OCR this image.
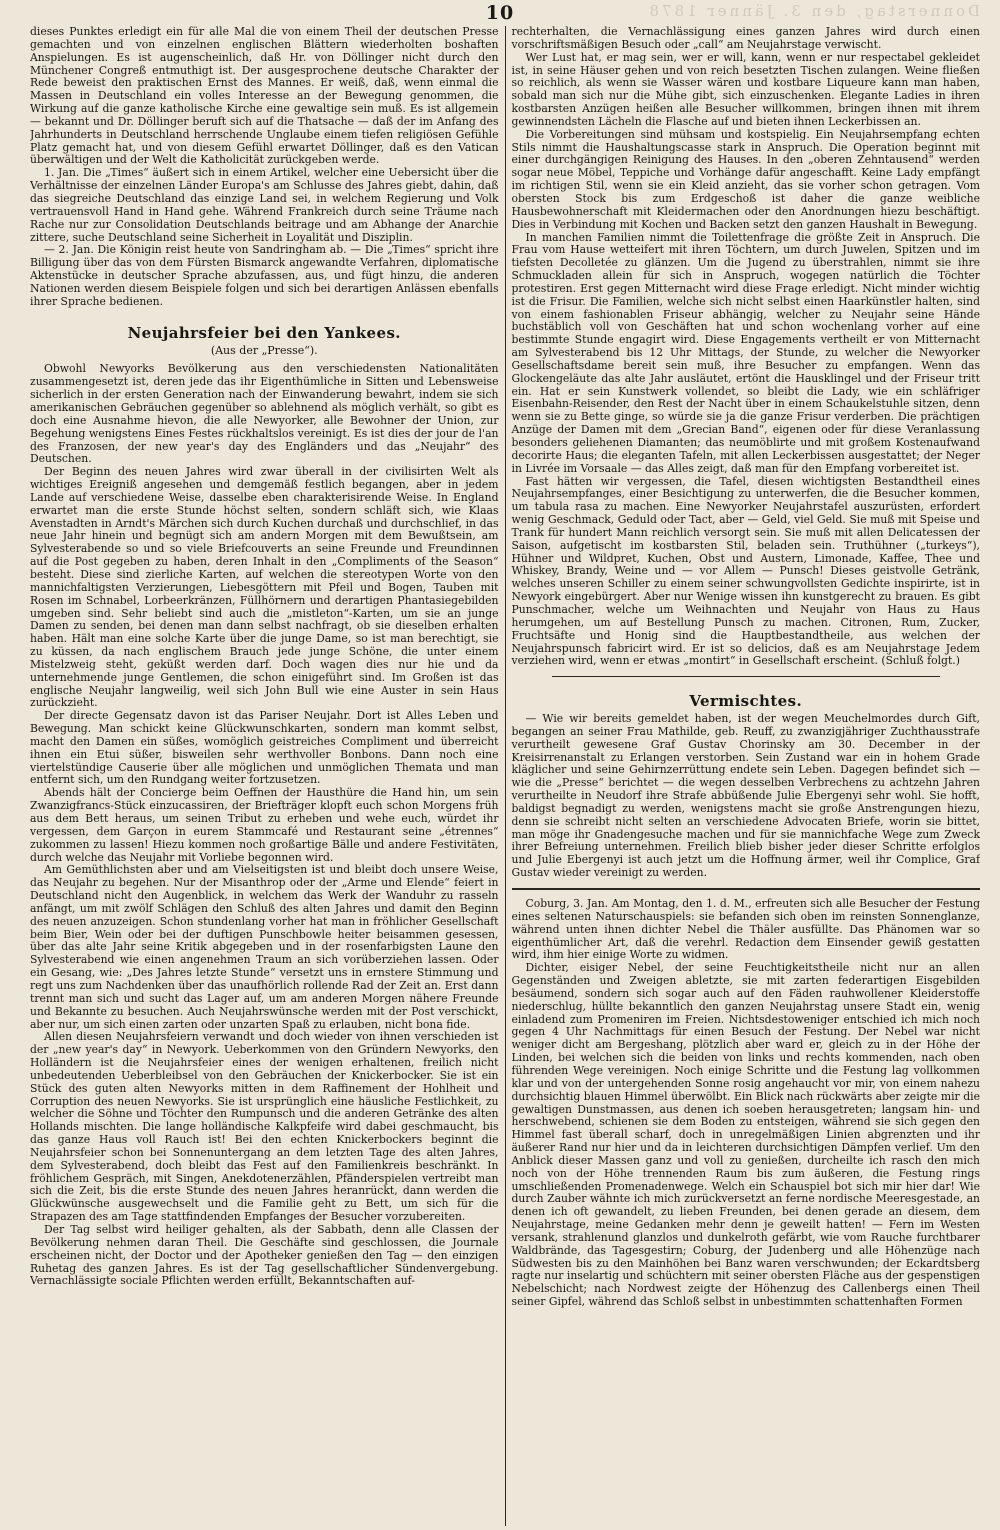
Donnerstag, den 3. Jänner 1878
10

dieses Punktes erledigt ein für alle Mal die von einem Theil der deutschen Presse gemachten und von einzelnen englischen Blättern wiederholten boshaften Anspielungen. Es ist augenscheinlich, daß Hr. von Döllinger nicht durch den Münchener Congreß entmuthigt ist. Der ausgesprochene deutsche Charakter der Rede beweist den praktischen Ernst des Mannes. Er weiß, daß, wenn einmal die Massen in Deutschland ein volles Interesse an der Bewegung genommen, die Wirkung auf die ganze katholische Kirche eine gewaltige sein muß. Es ist allgemein — bekannt und Dr. Döllinger beruft sich auf die Thatsache — daß der im Anfang des Jahrhunderts in Deutschland herrschende Unglaube einem tiefen religiösen Gefühle Platz gemacht hat, und von diesem Gefühl erwartet Döllinger, daß es den Vatican überwältigen und der Welt die Katholicität zurückgeben werde.

1. Jan. Die „Times“ äußert sich in einem Artikel, welcher eine Uebersicht über die Verhältnisse der einzelnen Länder Europa's am Schlusse des Jahres giebt, dahin, daß das siegreiche Deutschland das einzige Land sei, in welchem Regierung und Volk vertrauensvoll Hand in Hand gehe. Während Frankreich durch seine Träume nach Rache nur zur Consolidation Deutschlands beitrage und am Abhange der Anarchie zittere, suche Deutschland seine Sicherheit in Loyalität und Disziplin.

— 2. Jan. Die Königin reist heute von Sandringham ab. — Die „Times“ spricht ihre Billigung über das von dem Fürsten Bismarck angewandte Verfahren, diplomatische Aktenstücke in deutscher Sprache abzufassen, aus, und fügt hinzu, die anderen Nationen werden diesem Beispiele folgen und sich bei derartigen Anlässen ebenfalls ihrer Sprache bedienen.

Neujahrsfeier bei den Yankees.
(Aus der „Presse“).

Obwohl Newyorks Bevölkerung aus den verschiedensten Nationalitäten zusammengesetzt ist, deren jede das ihr Eigenthümliche in Sitten und Lebensweise sicherlich in der ersten Generation nach der Einwanderung bewahrt, indem sie sich amerikanischen Gebräuchen gegenüber so ablehnend als möglich verhält, so gibt es doch eine Ausnahme hievon, die alle Newyorker, alle Bewohner der Union, zur Begehung wenigstens Eines Festes rückhaltslos vereinigt. Es ist dies der jour de l'an des Franzosen, der new year's day des Engländers und das „Neujahr“ des Deutschen.

Der Beginn des neuen Jahres wird zwar überall in der civilisirten Welt als wichtiges Ereigniß angesehen und demgemäß festlich begangen, aber in jedem Lande auf verschiedene Weise, dasselbe eben charakterisirende Weise. In England erwartet man die erste Stunde höchst selten, sondern schläft sich, wie Klaas Avenstadten in Arndt's Märchen sich durch Kuchen durchaß und durchschlief, in das neue Jahr hinein und begnügt sich am andern Morgen mit dem Bewußtsein, am Sylvesterabende so und so viele Briefcouverts an seine Freunde und Freundinnen auf die Post gegeben zu haben, deren Inhalt in den „Compliments of the Season“ besteht. Diese sind zierliche Karten, auf welchen die stereotypen Worte von den mannichfaltigsten Verzierungen, Liebesgöttern mit Pfeil und Bogen, Tauben mit Rosen im Schnabel, Lorbeerkränzen, Füllhörnern und derartigen Phantasiegebilden umgeben sind. Sehr beliebt sind auch die „mistleton“-Karten, um sie an junge Damen zu senden, bei denen man dann selbst nachfragt, ob sie dieselben erhalten haben. Hält man eine solche Karte über die junge Dame, so ist man berechtigt, sie zu küssen, da nach englischem Brauch jede junge Schöne, die unter einem Mistelzweig steht, geküßt werden darf. Doch wagen dies nur hie und da unternehmende junge Gentlemen, die schon einigeführt sind. Im Großen ist das englische Neujahr langweilig, weil sich John Bull wie eine Auster in sein Haus zurückzieht.

Der directe Gegensatz davon ist das Pariser Neujahr. Dort ist Alles Leben und Bewegung. Man schickt keine Glückwunschkarten, sondern man kommt selbst, macht den Damen ein süßes, womöglich geistreiches Compliment und überreicht ihnen ein Etui süßer, bisweilen sehr werthvoller Bonbons. Dann noch eine viertelstündige Causerie über alle möglichen und unmöglichen Themata und man entfernt sich, um den Rundgang weiter fortzusetzen.

Abends hält der Concierge beim Oeffnen der Hausthüre die Hand hin, um sein Zwanzigfrancs-Stück einzucassiren, der Briefträger klopft euch schon Morgens früh aus dem Bett heraus, um seinen Tribut zu erheben und wehe euch, würdet ihr vergessen, dem Garçon in eurem Stammcafé und Restaurant seine „étrennes“ zukommen zu lassen! Hiezu kommen noch großartige Bälle und andere Festivitäten, durch welche das Neujahr mit Vorliebe begonnen wird.

Am Gemüthlichsten aber und am Vielseitigsten ist und bleibt doch unsere Weise, das Neujahr zu begehen. Nur der Misanthrop oder der „Arme und Elende“ feiert in Deutschland nicht den Augenblick, in welchem das Werk der Wanduhr zu rasseln anfängt, um mit zwölf Schlägen den Schluß des alten Jahres und damit den Beginn des neuen anzuzeigen. Schon stundenlang vorher hat man in fröhlicher Gesellschaft beim Bier, Wein oder bei der duftigen Punschbowle heiter beisammen gesessen, über das alte Jahr seine Kritik abgegeben und in der rosenfarbigsten Laune den Sylvesterabend wie einen angenehmen Traum an sich vorüberziehen lassen. Oder ein Gesang, wie: „Des Jahres letzte Stunde“ versetzt uns in ernstere Stimmung und regt uns zum Nachdenken über das unaufhörlich rollende Rad der Zeit an. Erst dann trennt man sich und sucht das Lager auf, um am anderen Morgen nähere Freunde und Bekannte zu besuchen. Auch Neujahrswünsche werden mit der Post verschickt, aber nur, um sich einen zarten oder unzarten Spaß zu erlauben, nicht bona fide.

Allen diesen Neujahrsfeiern verwandt und doch wieder von ihnen verschieden ist der „new year's day“ in Newyork. Ueberkommen von den Gründern Newyorks, den Holländern ist die Neujahrsfeier eines der wenigen erhaltenen, freilich nicht unbedeutenden Ueberbleibsel von den Gebräuchen der Knickerbocker. Sie ist ein Stück des guten alten Newyorks mitten in dem Raffinement der Hohlheit und Corruption des neuen Newyorks. Sie ist ursprünglich eine häusliche Festlichkeit, zu welcher die Söhne und Töchter den Rumpunsch und die anderen Getränke des alten Hollands mischten. Die lange holländische Kalkpfeife wird dabei geschmaucht, bis das ganze Haus voll Rauch ist! Bei den echten Knickerbockers beginnt die Neujahrsfeier schon bei Sonnenuntergang an dem letzten Tage des alten Jahres, dem Sylvesterabend, doch bleibt das Fest auf den Familienkreis beschränkt. In fröhlichem Gespräch, mit Singen, Anekdotenerzählen, Pfänderspielen vertreibt man sich die Zeit, bis die erste Stunde des neuen Jahres heranrückt, dann werden die Glückwünsche ausgewechselt und die Familie geht zu Bett, um sich für die Strapazen des am Tage stattfindenden Empfanges der Besucher vorzubereiten.

Der Tag selbst wird heiliger gehalten, als der Sabbath, denn alle Classen der Bevölkerung nehmen daran Theil. Die Geschäfte sind geschlossen, die Journale erscheinen nicht, der Doctor und der Apotheker genießen den Tag — den einzigen Ruhetag des ganzen Jahres. Es ist der Tag gesellschaftlicher Sündenvergebung. Vernachlässigte sociale Pflichten werden erfüllt, Bekanntschaften auf-

rechterhalten, die Vernachlässigung eines ganzen Jahres wird durch einen vorschriftsmäßigen Besuch oder „call“ am Neujahrstage verwischt.

Wer Lust hat, er mag sein, wer er will, kann, wenn er nur respectabel gekleidet ist, in seine Häuser gehen und von reich besetzten Tischen zulangen. Weine fließen so reichlich, als wenn sie Wasser wären und kostbare Liqueure kann man haben, sobald man sich nur die Mühe gibt, sich einzuschenken. Elegante Ladies in ihren kostbarsten Anzügen heißen alle Besucher willkommen, bringen ihnen mit ihrem gewinnendsten Lächeln die Flasche auf und bieten ihnen Leckerbissen an.

Die Vorbereitungen sind mühsam und kostspielig. Ein Neujahrsempfang echten Stils nimmt die Haushaltungscasse stark in Anspruch. Die Operation beginnt mit einer durchgängigen Reinigung des Hauses. In den „oberen Zehntausend“ werden sogar neue Möbel, Teppiche und Vorhänge dafür angeschafft. Keine Lady empfängt im richtigen Stil, wenn sie ein Kleid anzieht, das sie vorher schon getragen. Vom obersten Stock bis zum Erdgeschoß ist daher die ganze weibliche Hausbewohnerschaft mit Kleidermachen oder den Anordnungen hiezu beschäftigt. Dies in Verbindung mit Kochen und Backen setzt den ganzen Haushalt in Bewegung.

In manchen Familien nimmt die Toilettenfrage die größte Zeit in Anspruch. Die Frau vom Hause wetteifert mit ihren Töchtern, um durch Juwelen, Spitzen und im tiefsten Decolletée zu glänzen. Um die Jugend zu überstrahlen, nimmt sie ihre Schmuckladen allein für sich in Anspruch, wogegen natürlich die Töchter protestiren. Erst gegen Mitternacht wird diese Frage erledigt. Nicht minder wichtig ist die Frisur. Die Familien, welche sich nicht selbst einen Haarkünstler halten, sind von einem fashionablen Friseur abhängig, welcher zu Neujahr seine Hände buchstäblich voll von Geschäften hat und schon wochenlang vorher auf eine bestimmte Stunde engagirt wird. Diese Engagements vertheilt er von Mitternacht am Sylvesterabend bis 12 Uhr Mittags, der Stunde, zu welcher die Newyorker Gesellschaftsdame bereit sein muß, ihre Besucher zu empfangen. Wenn das Glockengeläute das alte Jahr ausläutet, ertönt die Hausklingel und der Friseur tritt ein. Hat er sein Kunstwerk vollendet, so bleibt die Lady, wie ein schläfriger Eisenbahn-Reisender, den Rest der Nacht über in einem Schaukelstuhle sitzen, denn wenn sie zu Bette ginge, so würde sie ja die ganze Frisur verderben. Die prächtigen Anzüge der Damen mit dem „Grecian Band“, eigenen oder für diese Veranlassung besonders geliehenen Diamanten; das neumöblirte und mit großem Kostenaufwand decorirte Haus; die eleganten Tafeln, mit allen Leckerbissen ausgestattet; der Neger in Livrée im Vorsaale — das Alles zeigt, daß man für den Empfang vorbereitet ist.

Fast hätten wir vergessen, die Tafel, diesen wichtigsten Bestandtheil eines Neujahrsempfanges, einer Besichtigung zu unterwerfen, die die Besucher kommen, um tabula rasa zu machen. Eine Newyorker Neujahrstafel auszurüsten, erfordert wenig Geschmack, Geduld oder Tact, aber — Geld, viel Geld. Sie muß mit Speise und Trank für hundert Mann reichlich versorgt sein. Sie muß mit allen Delicatessen der Saison, aufgetischt im kostbarsten Stil, beladen sein. Truthühner („turkeys“), Hühner und Wildpret, Kuchen, Obst und Austern, Limonade, Kaffee, Thee und Whiskey, Brandy, Weine und — vor Allem — Punsch! Dieses geistvolle Getränk, welches unseren Schiller zu einem seiner schwungvollsten Gedichte inspirirte, ist in Newyork eingebürgert. Aber nur Wenige wissen ihn kunstgerecht zu brauen. Es gibt Punschmacher, welche um Weihnachten und Neujahr von Haus zu Haus herumgehen, um auf Bestellung Punsch zu machen. Citronen, Rum, Zucker, Fruchtsäfte und Honig sind die Hauptbestandtheile, aus welchen der Neujahrspunsch fabricirt wird. Er ist so delicios, daß es am Neujahrstage Jedem verziehen wird, wenn er etwas „montirt“ in Gesellschaft erscheint. (Schluß folgt.)

Vermischtes.

— Wie wir bereits gemeldet haben, ist der wegen Meuchelmordes durch Gift, begangen an seiner Frau Mathilde, geb. Reuff, zu zwanzigjähriger Zuchthausstrafe verurtheilt gewesene Graf Gustav Chorinsky am 30. December in der Kreisirrenanstalt zu Erlangen verstorben. Sein Zustand war ein in hohem Grade kläglicher und seine Gehirnzerrüttung endete sein Leben. Dagegen befindet sich — wie die „Presse“ berichtet — die wegen desselben Verbrechens zu achtzehn Jahren verurtheilte in Neudorf ihre Strafe abbüßende Julie Ebergenyi sehr wohl. Sie hofft, baldigst begnadigt zu werden, wenigstens macht sie große Anstrengungen hiezu, denn sie schreibt nicht selten an verschiedene Advocaten Briefe, worin sie bittet, man möge ihr Gnadengesuche machen und für sie mannichfache Wege zum Zweck ihrer Befreiung unternehmen. Freilich blieb bisher jeder dieser Schritte erfolglos und Julie Ebergenyi ist auch jetzt um die Hoffnung ärmer, weil ihr Complice, Graf Gustav wieder vereinigt zu werden.

Coburg, 3. Jan. Am Montag, den 1. d. M., erfreuten sich alle Besucher der Festung eines seltenen Naturschauspiels: sie befanden sich oben im reinsten Sonnenglanze, während unten ihnen dichter Nebel die Thäler ausfüllte. Das Phänomen war so eigenthümlicher Art, daß die verehrl. Redaction dem Einsender gewiß gestatten wird, ihm hier einige Worte zu widmen.

Dichter, eisiger Nebel, der seine Feuchtigkeitstheile nicht nur an allen Gegenständen und Zweigen abletzte, sie mit zarten federartigen Eisgebilden besäumend, sondern sich sogar auch auf den Fäden rauhwollener Kleiderstoffe niederschlug, hüllte bekanntlich den ganzen Neujahrstag unsere Stadt ein, wenig einladend zum Promeniren im Freien. Nichtsdestoweniger entschied ich mich noch gegen 4 Uhr Nachmittags für einen Besuch der Festung. Der Nebel war nicht weniger dicht am Bergeshang, plötzlich aber ward er, gleich zu in der Höhe der Linden, bei welchen sich die beiden von links und rechts kommenden, nach oben führenden Wege vereinigen. Noch einige Schritte und die Festung lag vollkommen klar und von der untergehenden Sonne rosig angehaucht vor mir, von einem nahezu durchsichtig blauen Himmel überwölbt. Ein Blick nach rückwärts aber zeigte mir die gewaltigen Dunstmassen, aus denen ich soeben herausgetreten; langsam hin- und herschwebend, schienen sie dem Boden zu entsteigen, während sie sich gegen den Himmel fast überall scharf, doch in unregelmäßigen Linien abgrenzten und ihr äußerer Rand nur hier und da in leichteren durchsichtigen Dämpfen verlief. Um den Anblick dieser Massen ganz und voll zu genießen, durcheilte ich rasch den mich noch von der Höhe trennenden Raum bis zum äußeren, die Festung rings umschließenden Promenadenwege. Welch ein Schauspiel bot sich mir hier dar! Wie durch Zauber wähnte ich mich zurückversetzt an ferne nordische Meeresgestade, an denen ich oft gewandelt, zu lieben Freunden, bei denen gerade an diesem, dem Neujahrstage, meine Gedanken mehr denn je geweilt hatten! — Fern im Westen versank, strahlenund glanzlos und dunkelroth gefärbt, wie vom Rauche furchtbarer Waldbrände, das Tagesgestirn; Coburg, der Judenberg und alle Höhenzüge nach Südwesten bis zu den Mainhöhen bei Banz waren verschwunden; der Eckardtsberg ragte nur inselartig und schüchtern mit seiner obersten Fläche aus der gespenstigen Nebelschicht; nach Nordwest zeigte der Höhenzug des Callenbergs einen Theil seiner Gipfel, während das Schloß selbst in unbestimmten schattenhaften Formen
